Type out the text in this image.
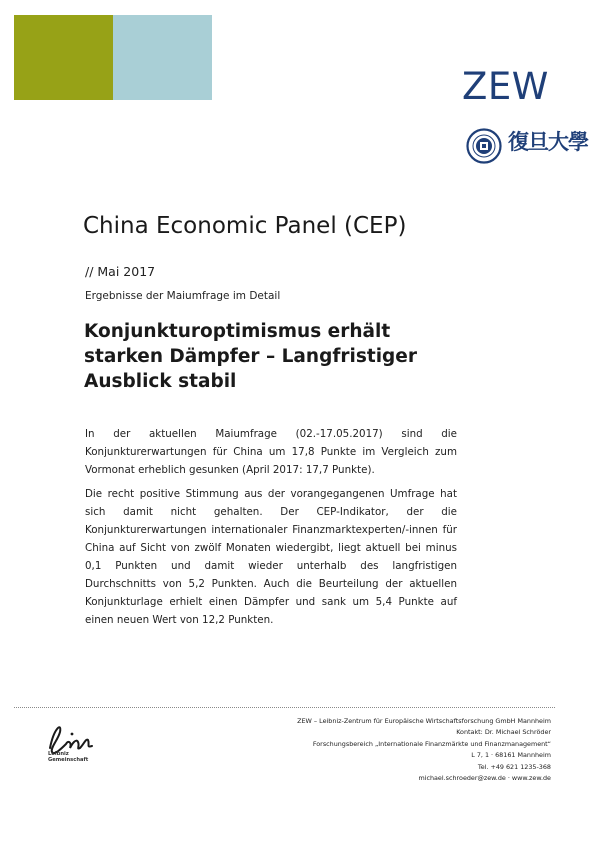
ZEW
復旦大學
China Economic Panel (CEP)
// Mai 2017
Ergebnisse der Maiumfrage im Detail
Konjunkturoptimismus erhält starken Dämpfer – Langfristiger Ausblick stabil

In der aktuellen Maiumfrage (02.-17.05.2017) sind die Konjunkturerwartungen für China um 17,8 Punkte im Vergleich zum Vormonat erheblich gesunken (April 2017: 17,7 Punkte).

Die recht positive Stimmung aus der vorangegangenen Umfrage hat sich damit nicht gehalten. Der CEP-Indikator, der die Konjunkturerwartungen internationaler Finanzmarktexperten/-innen für China auf Sicht von zwölf Monaten wiedergibt, liegt aktuell bei minus 0,1 Punkten und damit wieder unterhalb des langfristigen Durchschnitts von 5,2 Punkten. Auch die Beurteilung der aktuellen Konjunkturlage erhielt einen Dämpfer und sank um 5,4 Punkte auf einen neuen Wert von 12,2 Punkten.

Leibniz
Gemeinschaft
ZEW – Leibniz-Zentrum für Europäische Wirtschaftsforschung GmbH Mannheim
Kontakt: Dr. Michael Schröder
Forschungsbereich „Internationale Finanzmärkte und Finanzmanagement“
L 7, 1 · 68161 Mannheim
Tel. +49 621 1235-368
michael.schroeder@zew.de · www.zew.de
